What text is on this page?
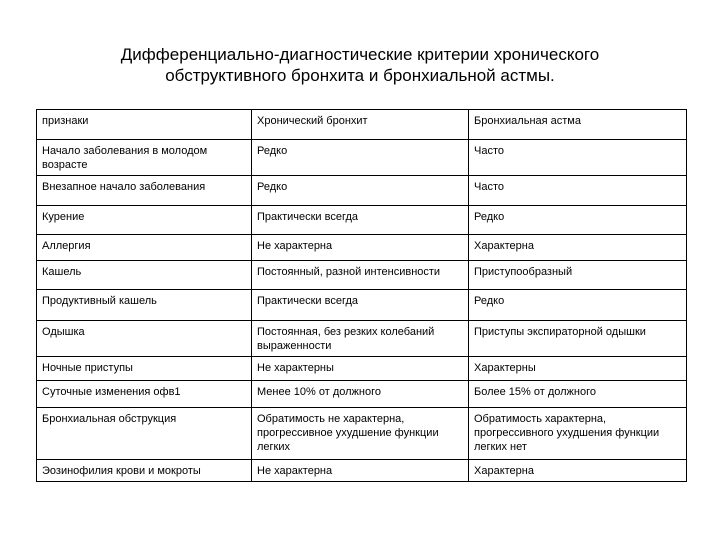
Дифференциально-диагностические критерии хронического
обструктивного бронхита и бронхиальной астмы.
признаки	Хронический бронхит	Бронхиальная астма
Начало заболевания в молодом возрасте	Редко	Часто
Внезапное начало заболевания	Редко	Часто
Курение	Практически всегда	Редко
Аллергия	Не характерна	Характерна
Кашель	Постоянный, разной интенсивности	Приступообразный
Продуктивный кашель	Практически всегда	Редко
Одышка	Постоянная, без резких колебаний выраженности	Приступы экспираторной одышки
Ночные приступы	Не характерны	Характерны
Суточные изменения офв1	Менее 10% от должного	Более 15% от должного
Бронхиальная обструкция	Обратимость не характерна, прогрессивное ухудшение функции легких	Обратимость характерна, прогрессивного ухудшения функции легких нет
Эозинофилия крови и мокроты	Не характерна	Характерна
